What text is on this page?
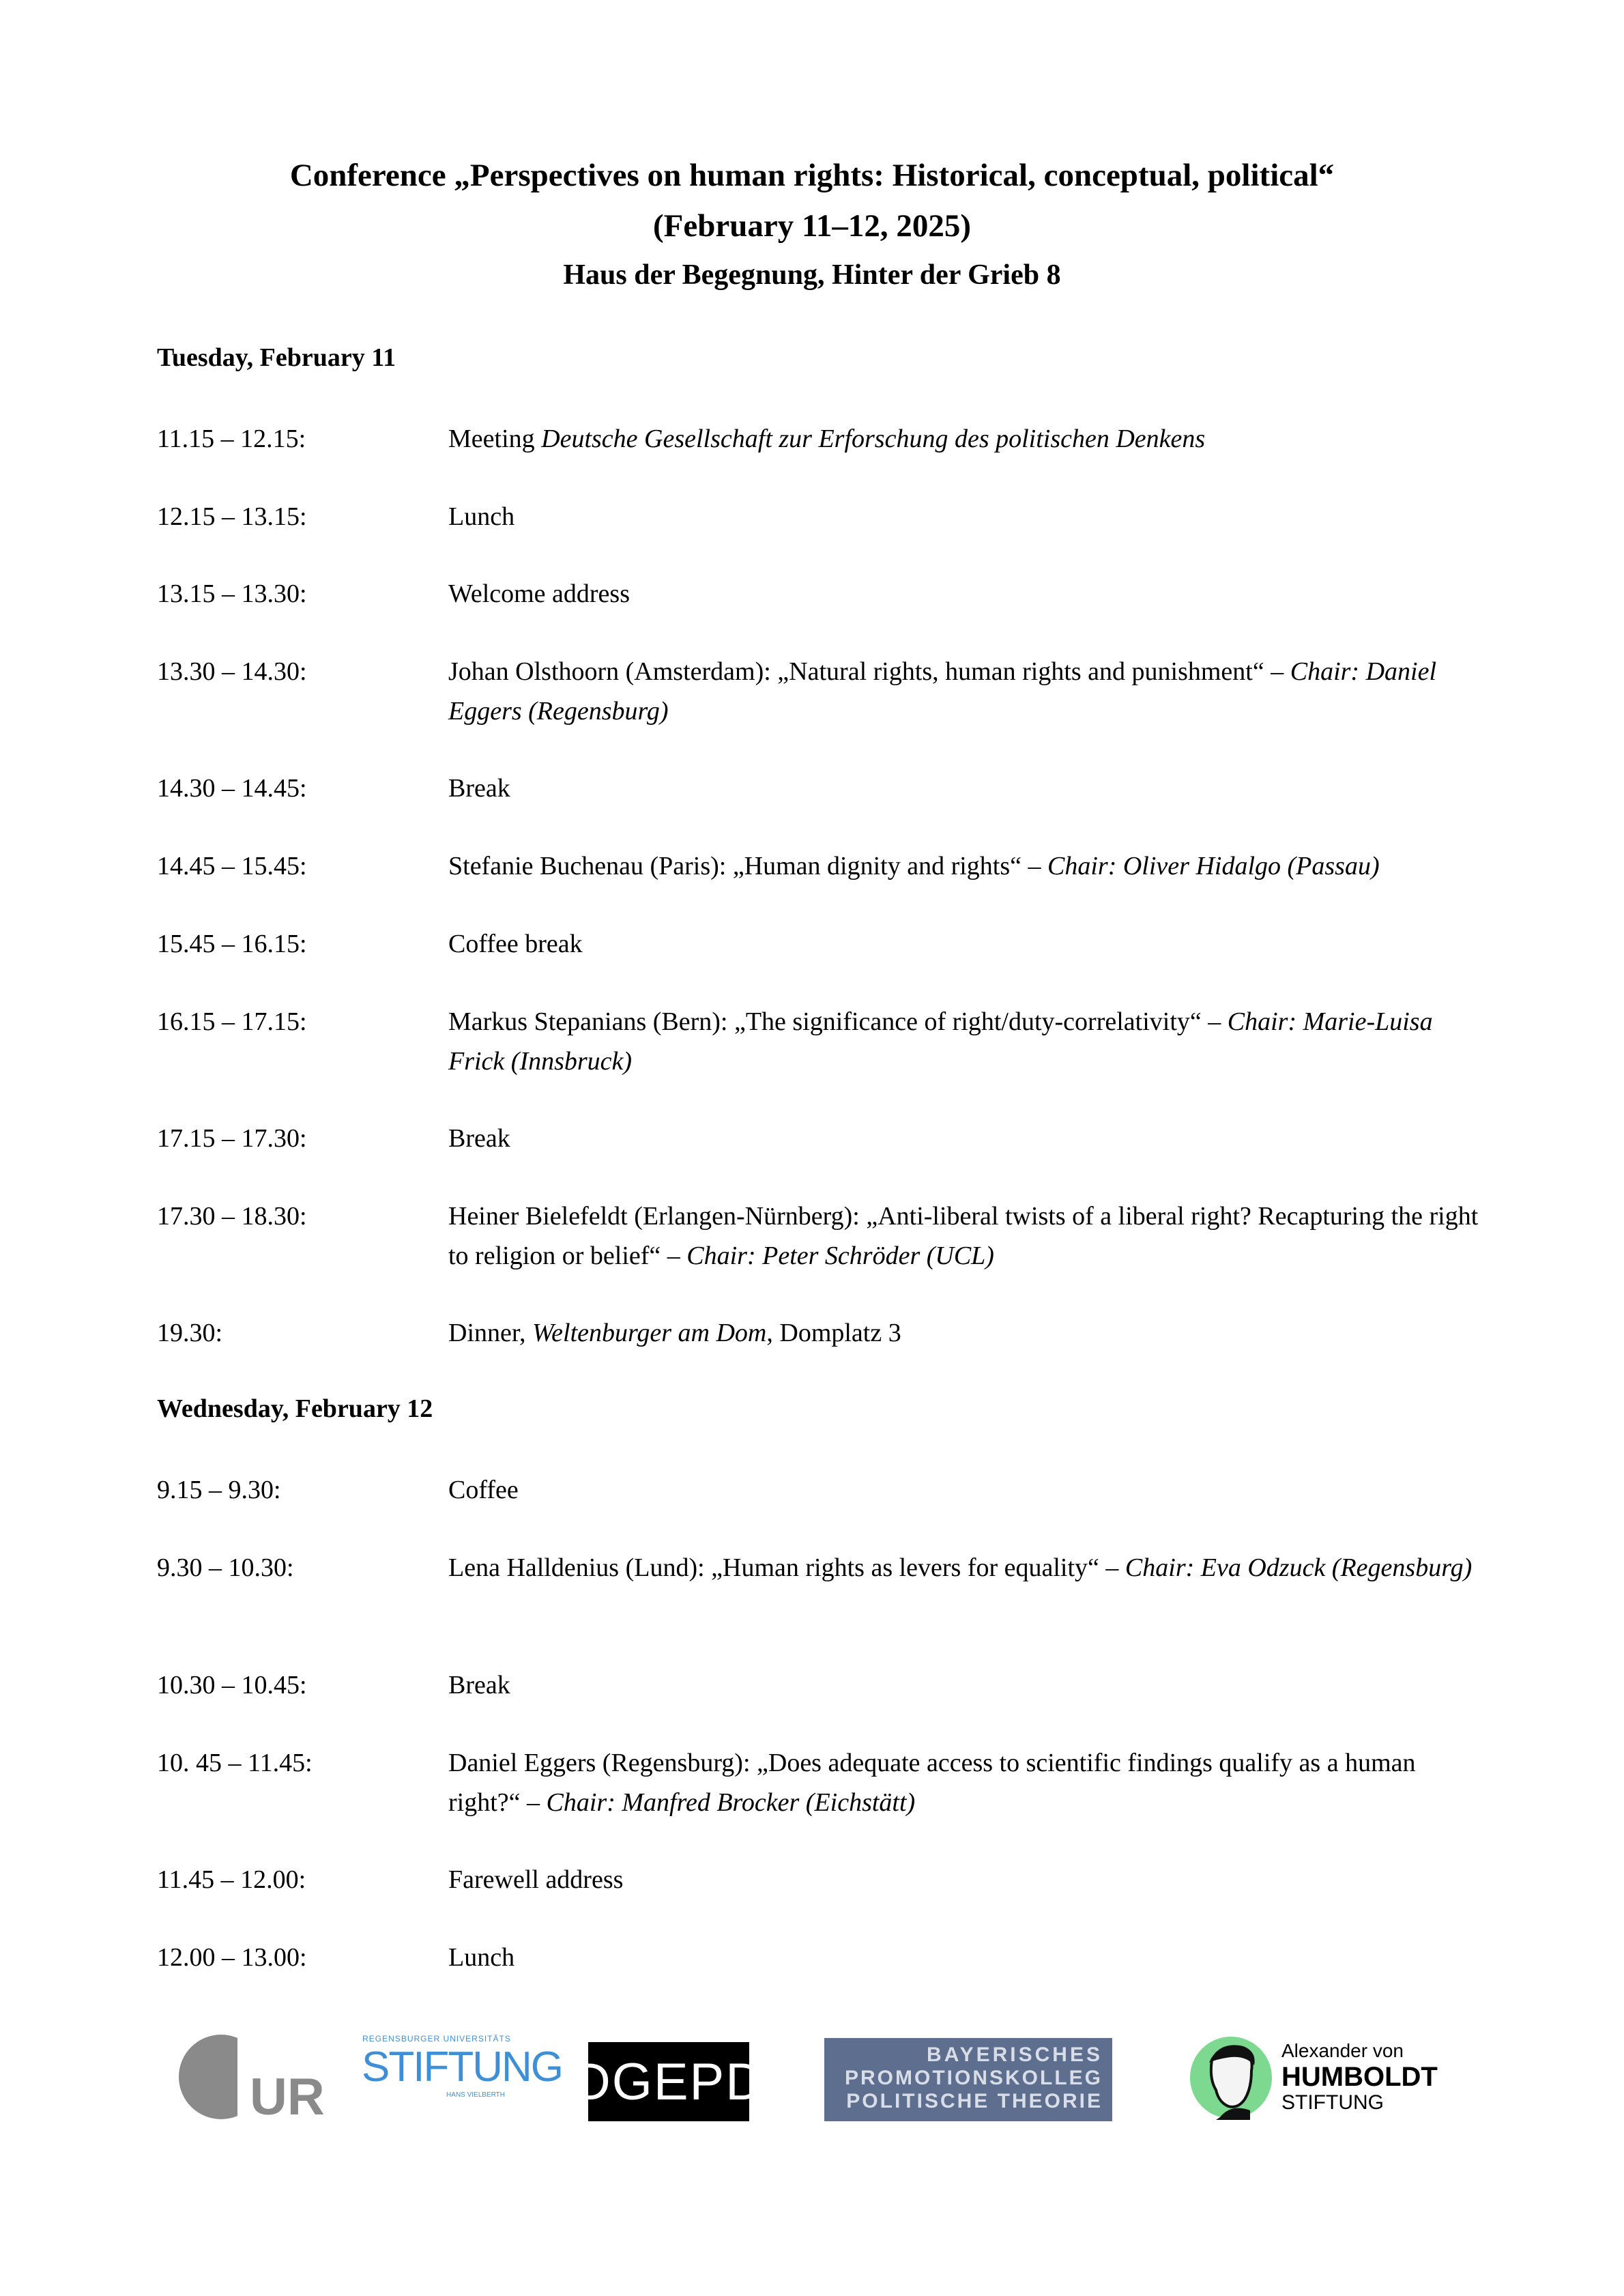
Conference „Perspectives on human rights: Historical, conceptual, political“
(February 11–12, 2025)
Haus der Begegnung, Hinter der Grieb 8
Tuesday, February 11
11.15 – 12.15:	Meeting Deutsche Gesellschaft zur Erforschung des politischen Denkens
12.15 – 13.15:	Lunch
13.15 – 13.30:	Welcome address
13.30 – 14.30:	Johan Olsthoorn (Amsterdam): „Natural rights, human rights and punishment“ – Chair: Daniel Eggers (Regensburg)
14.30 – 14.45:	Break
14.45 – 15.45:	Stefanie Buchenau (Paris): „Human dignity and rights“ – Chair: Oliver Hidalgo (Passau)
15.45 – 16.15:	Coffee break
16.15 – 17.15:	Markus Stepanians (Bern): „The significance of right/duty-correlativity“ – Chair: Marie-Luisa Frick (Innsbruck)
17.15 – 17.30:	Break
17.30 – 18.30:	Heiner Bielefeldt (Erlangen-Nürnberg): „Anti-liberal twists of a liberal right? Recapturing the right to religion or belief“ – Chair: Peter Schröder (UCL)
19.30:	Dinner, Weltenburger am Dom, Domplatz 3
Wednesday, February 12
9.15 – 9.30:	Coffee
9.30 – 10.30:	Lena Halldenius (Lund): „Human rights as levers for equality“ – Chair: Eva Odzuck (Regensburg)
10.30 – 10.45:	Break
10. 45 – 11.45:	Daniel Eggers (Regensburg): „Does adequate access to scientific findings qualify as a human right?“ – Chair: Manfred Brocker (Eichstätt)
11.45 – 12.00:	Farewell address
12.00 – 13.00:	Lunch
UR
REGENSBURGER UNIVERSITÄTS
STIFTUNG
HANS VIELBERTH DGEPD	BAYERISCHES
PROMOTIONSKOLLEG
POLITISCHE THEORIE
Alexander von
HUMBOLDT
STIFTUNG
